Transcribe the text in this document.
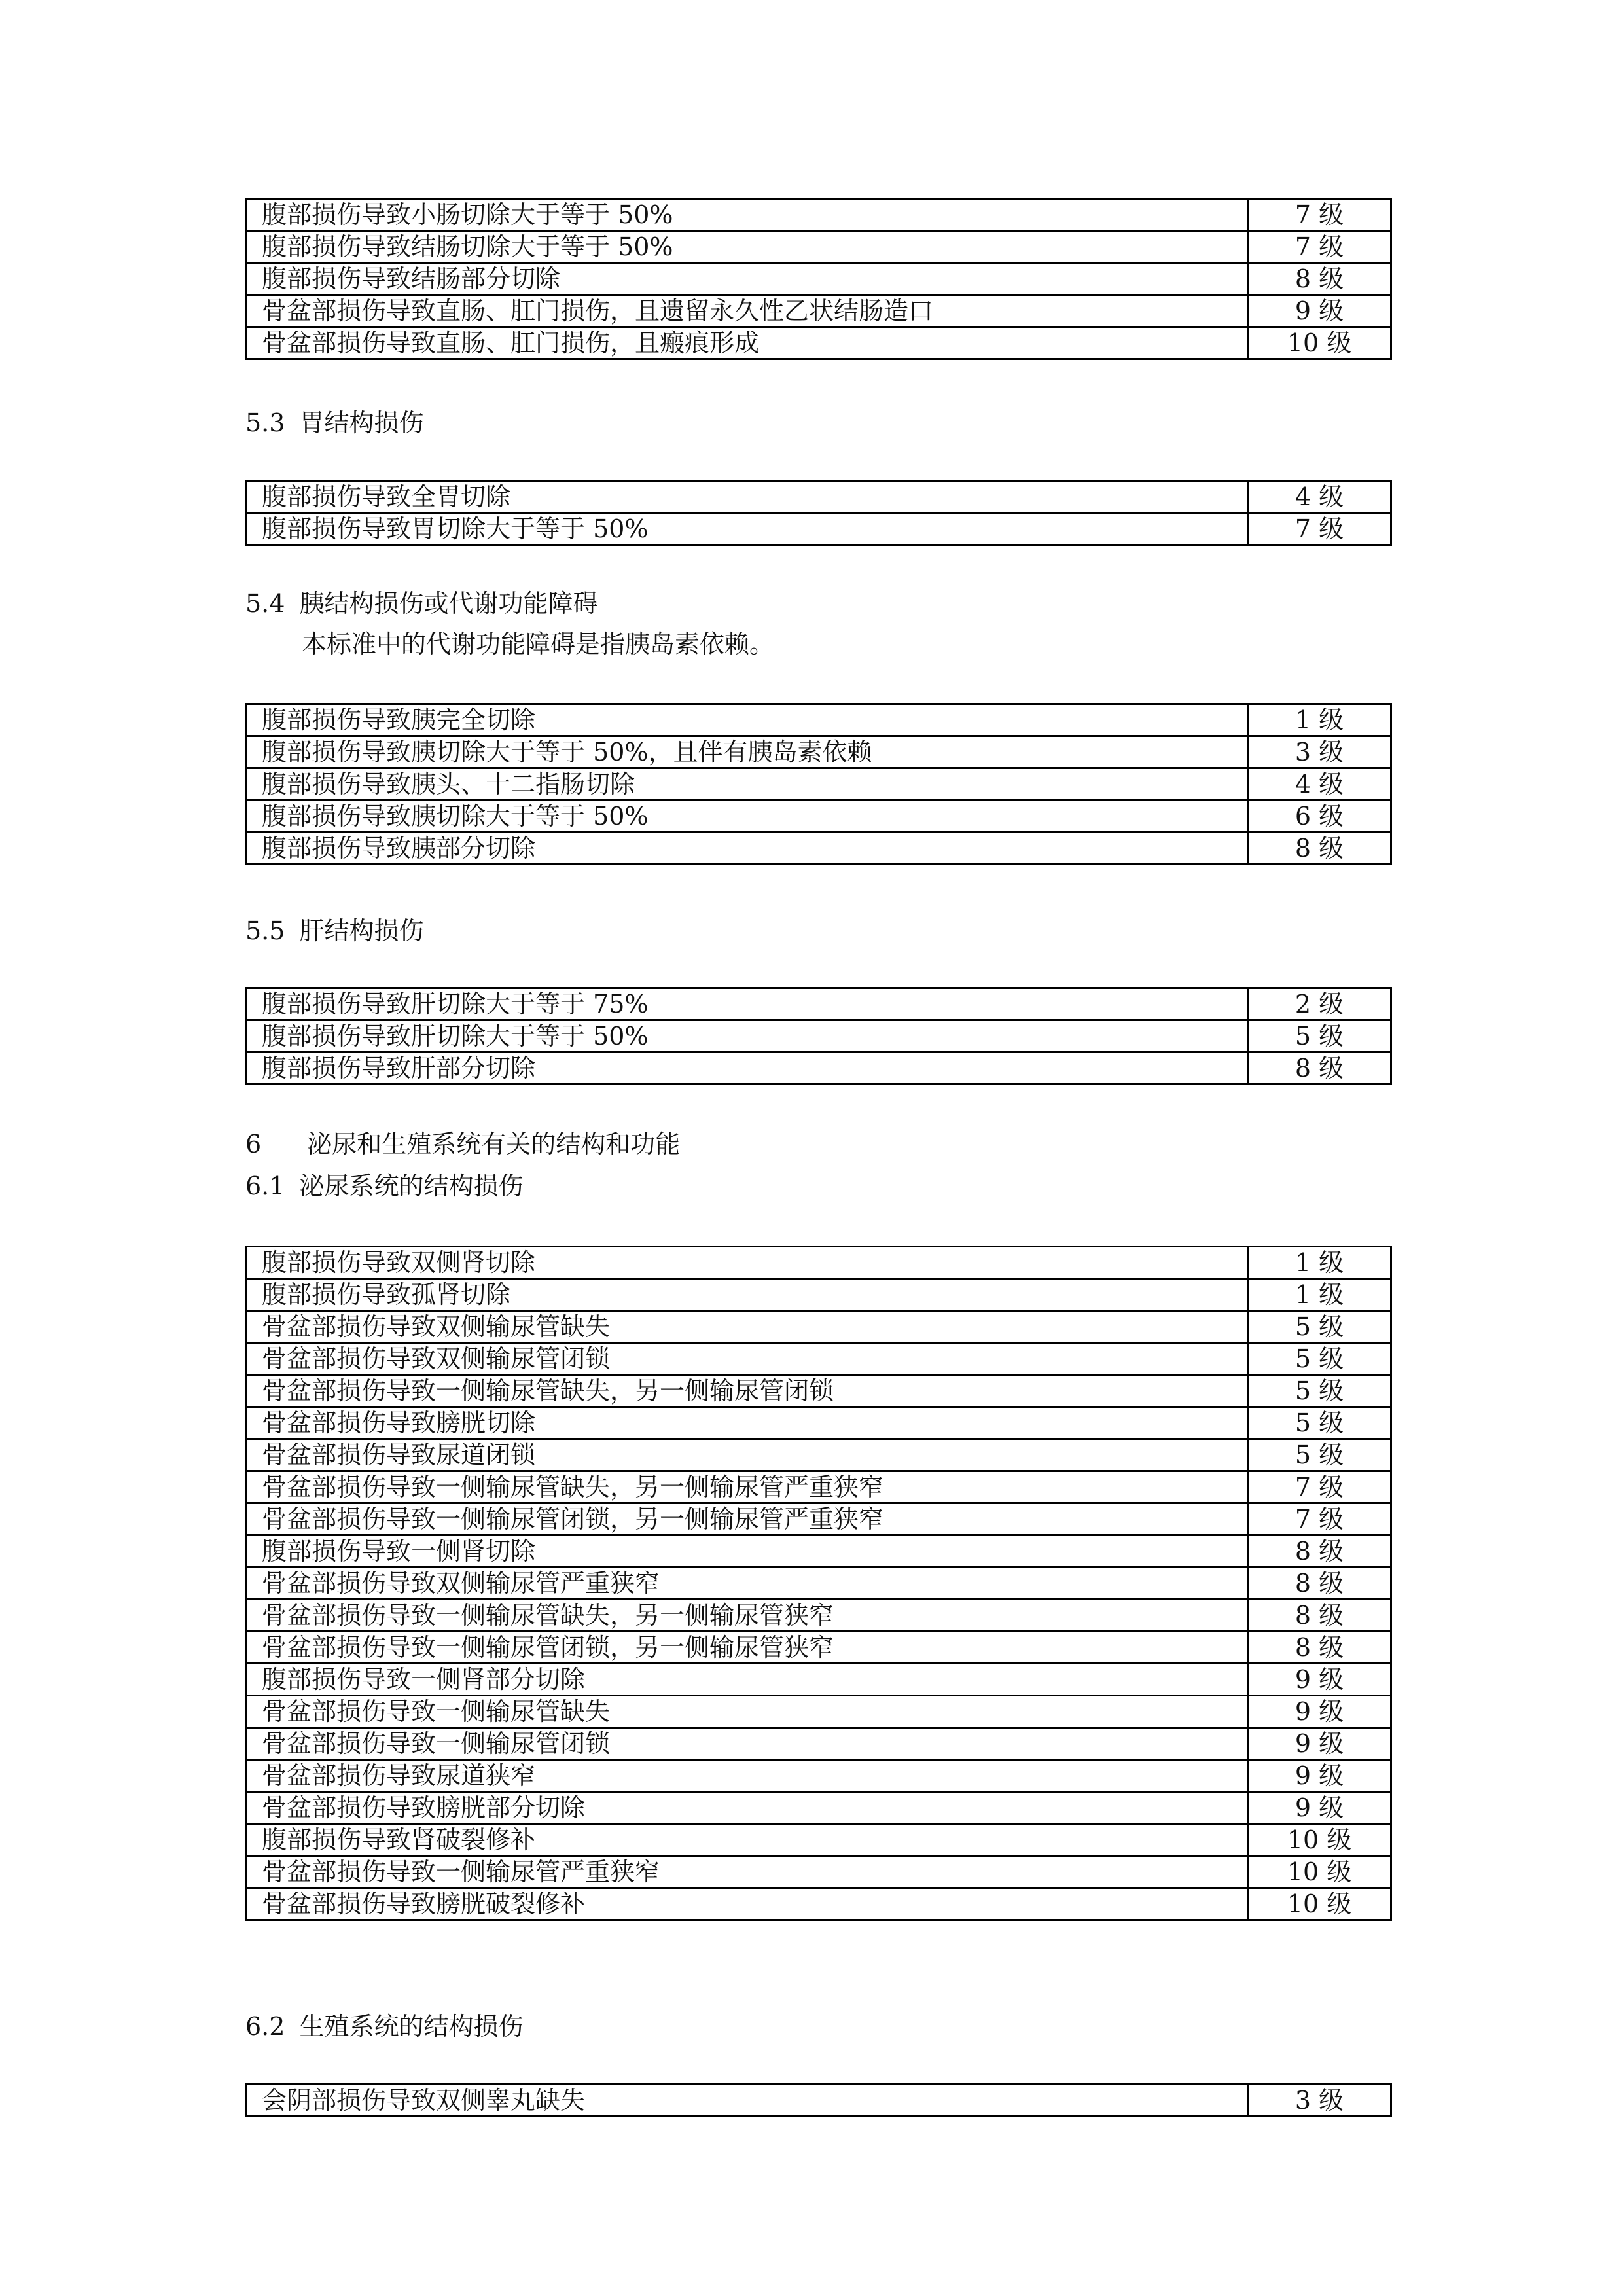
腹部损伤导致小肠切除大于等于 50%	7 级
腹部损伤导致结肠切除大于等于 50%	7 级
腹部损伤导致结肠部分切除	8 级
骨盆部损伤导致直肠、肛门损伤，且遗留永久性乙状结肠造口	9 级
骨盆部损伤导致直肠、肛门损伤，且瘢痕形成	10 级
5.3 胃结构损伤
腹部损伤导致全胃切除	4 级
腹部损伤导致胃切除大于等于 50%	7 级
5.4 胰结构损伤或代谢功能障碍
本标准中的代谢功能障碍是指胰岛素依赖。
腹部损伤导致胰完全切除	1 级
腹部损伤导致胰切除大于等于 50%，且伴有胰岛素依赖	3 级
腹部损伤导致胰头、十二指肠切除	4 级
腹部损伤导致胰切除大于等于 50%	6 级
腹部损伤导致胰部分切除	8 级
5.5 肝结构损伤
腹部损伤导致肝切除大于等于 75%	2 级
腹部损伤导致肝切除大于等于 50%	5 级
腹部损伤导致肝部分切除	8 级
6 泌尿和生殖系统有关的结构和功能
6.1 泌尿系统的结构损伤
腹部损伤导致双侧肾切除	1 级
腹部损伤导致孤肾切除	1 级
骨盆部损伤导致双侧输尿管缺失	5 级
骨盆部损伤导致双侧输尿管闭锁	5 级
骨盆部损伤导致一侧输尿管缺失，另一侧输尿管闭锁	5 级
骨盆部损伤导致膀胱切除	5 级
骨盆部损伤导致尿道闭锁	5 级
骨盆部损伤导致一侧输尿管缺失，另一侧输尿管严重狭窄	7 级
骨盆部损伤导致一侧输尿管闭锁，另一侧输尿管严重狭窄	7 级
腹部损伤导致一侧肾切除	8 级
骨盆部损伤导致双侧输尿管严重狭窄	8 级
骨盆部损伤导致一侧输尿管缺失，另一侧输尿管狭窄	8 级
骨盆部损伤导致一侧输尿管闭锁，另一侧输尿管狭窄	8 级
腹部损伤导致一侧肾部分切除	9 级
骨盆部损伤导致一侧输尿管缺失	9 级
骨盆部损伤导致一侧输尿管闭锁	9 级
骨盆部损伤导致尿道狭窄	9 级
骨盆部损伤导致膀胱部分切除	9 级
腹部损伤导致肾破裂修补	10 级
骨盆部损伤导致一侧输尿管严重狭窄	10 级
骨盆部损伤导致膀胱破裂修补	10 级
6.2 生殖系统的结构损伤
会阴部损伤导致双侧睾丸缺失	3 级
